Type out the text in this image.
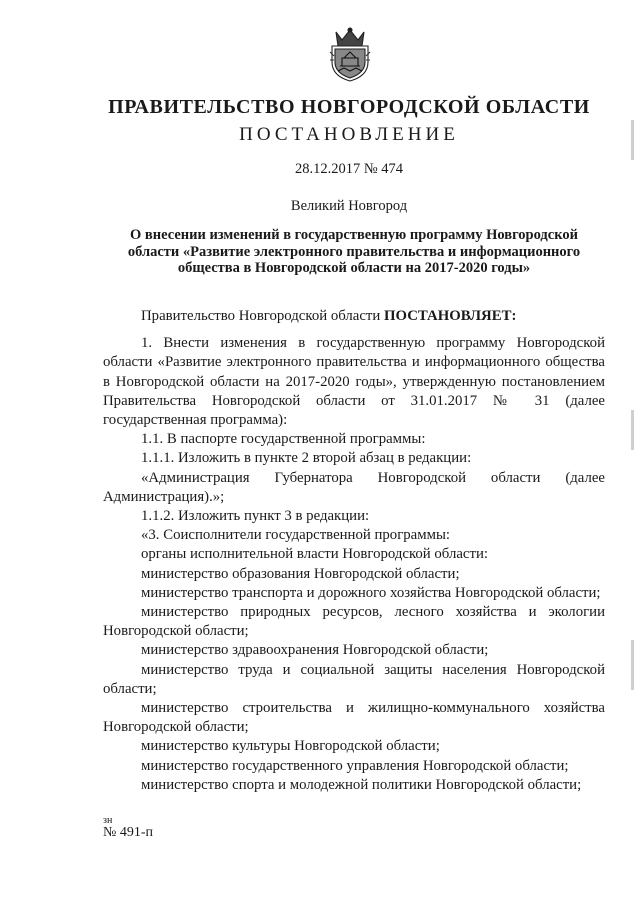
ПРАВИТЕЛЬСТВО НОВГОРОДСКОЙ ОБЛАСТИ
ПОСТАНОВЛЕНИЕ
28.12.2017 № 474
Великий Новгород
О внесении изменений в государственную программу Новгородской области «Развитие электронного правительства и информационного общества в Новгородской области на 2017-2020 годы»

Правительство Новгородской области ПОСТАНОВЛЯЕТ:

1. Внести изменения в государственную программу Новгородской области «Развитие электронного правительства и информационного общества в Новгородской области на 2017-2020 годы», утвержденную постановлением Правительства Новгородской области от 31.01.2017 № 31 (далее государственная программа):

1.1. В паспорте государственной программы:

1.1.1. Изложить в пункте 2 второй абзац в редакции:

«Администрация Губернатора Новгородской области (далее Администрация).»;

1.1.2. Изложить пункт 3 в редакции:

«3. Соисполнители государственной программы:

органы исполнительной власти Новгородской области:

министерство образования Новгородской области;

министерство транспорта и дорожного хозяйства Новгородской области;

министерство природных ресурсов, лесного хозяйства и экологии Новгородской области;

министерство здравоохранения Новгородской области;

министерство труда и социальной защиты населения Новгородской области;

министерство строительства и жилищно-коммунального хозяйства Новгородской области;

министерство культуры Новгородской области;

министерство государственного управления Новгородской области;

министерство спорта и молодежной политики Новгородской области;

зн
№ 491-п
